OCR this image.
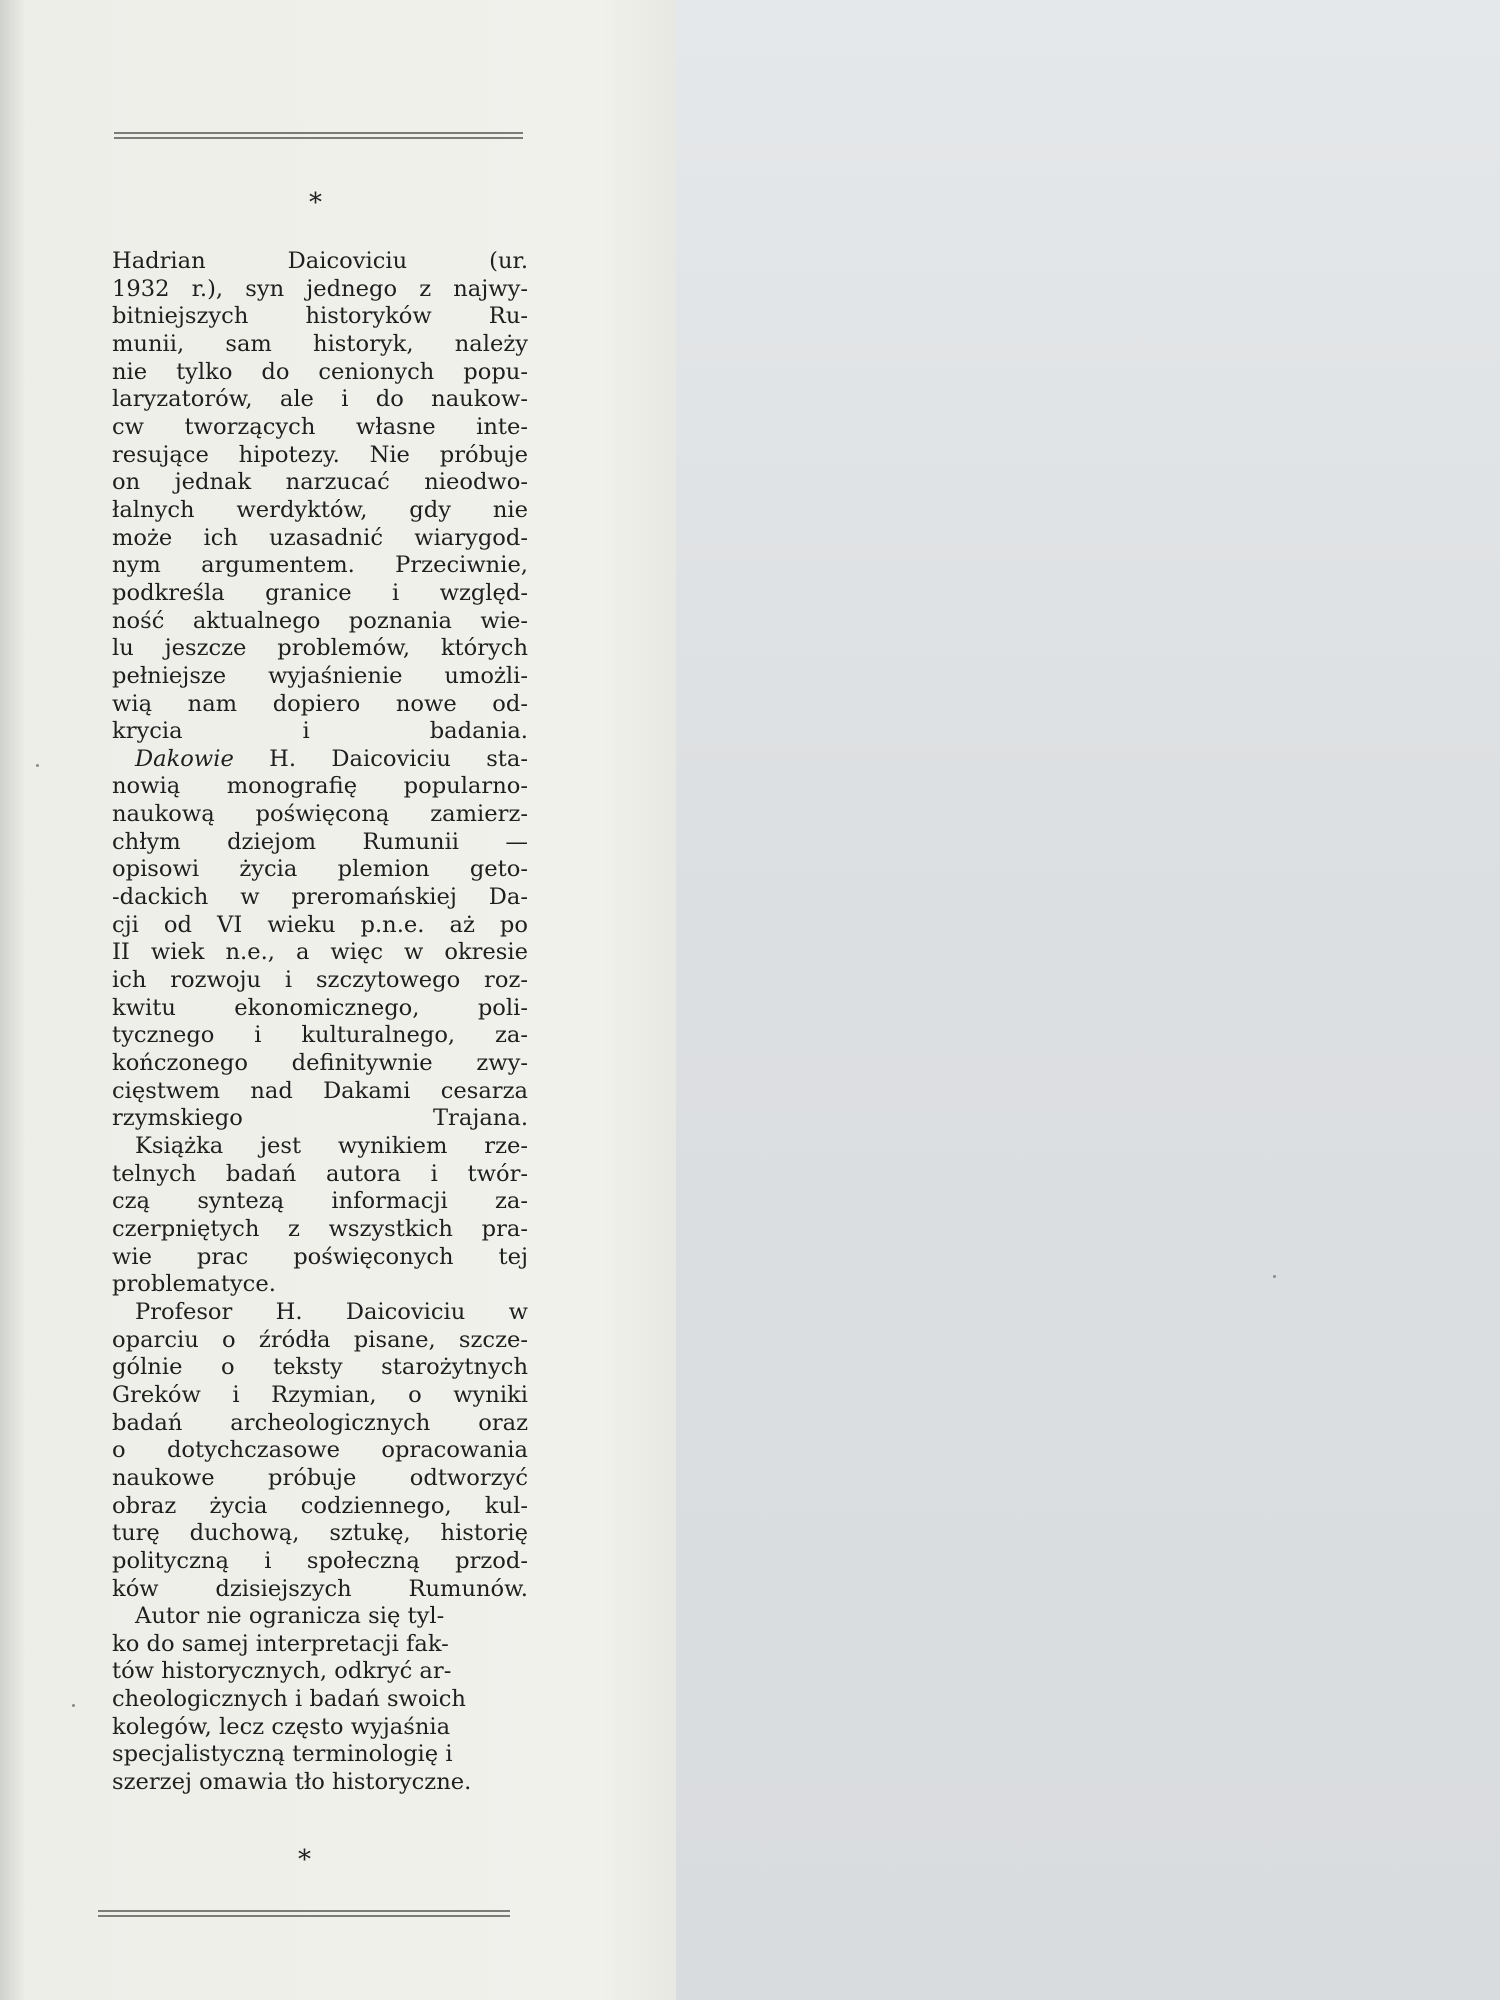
*

Hadrian Daicoviciu (ur.
1932 r.), syn jednego z najwy-
bitniejszych historyków Ru-
munii, sam historyk, należy
nie tylko do cenionych popu-
laryzatorów, ale i do naukow-
cw tworzących własne inte-
resujące hipotezy. Nie próbuje
on jednak narzucać nieodwo-
łalnych werdyktów, gdy nie
może ich uzasadnić wiarygod-
nym argumentem. Przeciwnie,
podkreśla granice i względ-
ność aktualnego poznania wie-
lu jeszcze problemów, których
pełniejsze wyjaśnienie umożli-
wią nam dopiero nowe od-
krycia i badania.

Dakowie H. Daicoviciu sta-
nowią monografię popularno-
naukową poświęconą zamierz-
chłym dziejom Rumunii —
opisowi życia plemion geto-
-dackich w preromańskiej Da-
cji od VI wieku p.n.e. aż po
II wiek n.e., a więc w okresie
ich rozwoju i szczytowego roz-
kwitu ekonomicznego, poli-
tycznego i kulturalnego, za-
kończonego definitywnie zwy-
cięstwem nad Dakami cesarza
rzymskiego Trajana.

Książka jest wynikiem rze-
telnych badań autora i twór-
czą syntezą informacji za-
czerpniętych z wszystkich pra-
wie prac poświęconych tej
problematyce.

Profesor H. Daicoviciu w
oparciu o źródła pisane, szcze-
gólnie o teksty starożytnych
Greków i Rzymian, o wyniki
badań archeologicznych oraz
o dotychczasowe opracowania
naukowe próbuje odtworzyć
obraz życia codziennego, kul-
turę duchową, sztukę, historię
polityczną i społeczną przod-
ków dzisiejszych Rumunów.

Autor nie ogranicza się tyl-
ko do samej interpretacji fak-
tów historycznych, odkryć ar-
cheologicznych i badań swoich
kolegów, lecz często wyjaśnia
specjalistyczną terminologię i
szerzej omawia tło historyczne.

*
